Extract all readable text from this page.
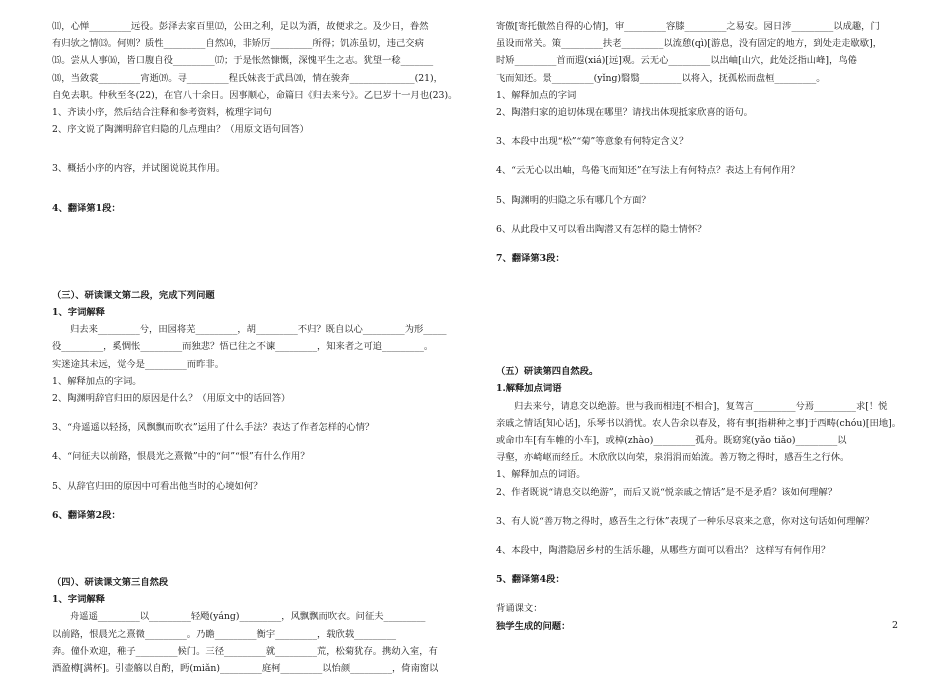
⑾，心惮_________远役。彭泽去家百里⑿，公田之利，足以为酒，故便求之。及少日，眷然
有归欤之情⒀。何则？质性_________自然⒁，非矫厉_________所得；饥冻虽切，违己交病
⒂。尝从人事⒃，皆口腹自役_________⒄；于是怅然慷慨，深愧平生之志。犹望一稔_______
⒅，当敛裳_________宵逝⒆。寻_________程氏妹丧于武昌⒇，情在骏奔______________(21)，
自免去职。仲秋至冬(22)，在官八十余日。因事顺心，命篇曰《归去来兮》。乙巳岁十一月也(23)。
1、齐读小序，然后结合注释和参考资料，梳理字词句
2、序文说了陶渊明辞官归隐的几点理由？（用原文语句回答）
3、概括小序的内容，并试图说说其作用。
4、翻译第1段：
（三）、研读课文第二段，完成下列问题
1、字词解释
归去来_________兮，田园将芜_________，胡_________不归？既自以心_________为形_____
役_________，奚惆怅_________而独悲？悟已往之不谏_________，知来者之可追_________。
实迷途其未远，觉今是_________而昨非。
1、解释加点的字词。
2、陶渊明辞官归田的原因是什么？（用原文中的话回答）
3、“舟遥遥以轻扬，风飘飘而吹衣”运用了什么手法？表达了作者怎样的心情？
4、“问征夫以前路，恨晨光之熹微”中的“问”“恨”有什么作用？
5、从辞官归田的原因中可看出他当时的心境如何？
6、翻译第2段：
（四）、研读课文第三自然段
1、字词解释
舟遥遥_________以_________轻飏(yáng)_________，风飘飘而吹衣。问征夫_________
以前路，恨晨光之熹微_________。乃瞻_________衡宇_________，载欣载_________
奔。僮仆欢迎，稚子_________候门。三径_________就_________荒，松菊犹存。携幼入室，有
酒盈樽[满杯]。引壶觞以自酌，眄(miǎn)_________庭柯_________以怡颜_________，倚南窗以
寄傲[寄托傲然自得的心情]，审_________容膝_________之易安。园日涉_________以成趣，门
虽设而常关。策_________扶老_________以流憩(qì)[游息，没有固定的地方，到处走走歇歇]，
时矫_________首而遐(xiá)[远]观。云无心_________以出岫[山穴，此处泛指山峰]，鸟倦
飞而知还。景_________(yǐng)翳翳_________以将入，抚孤松而盘桓_________。
1、解释加点的字词
2、陶潜归家的追切体现在哪里？请找出体现抵家欣喜的语句。
3、本段中出现“松”“菊”等意象有何特定含义？
4、“云无心以出岫，鸟倦飞而知还”在写法上有何特点？表达上有何作用？
5、陶渊明的归隐之乐有哪几个方面？
6、从此段中又可以看出陶潜又有怎样的隐士情怀？
7、翻译第3段：
（五）研读第四自然段。
1.解释加点词语
归去来兮，请息交以绝游。世与我而相违[不相合]，复驾言_________兮焉_________求[！悦
亲戚之情话[知心话]，乐琴书以消忧。农人告余以春及，将有事[指耕种之事]于西畴(chóu)[田地]。
或命巾车[有车帷的小车]，或棹(zhào)_________孤舟。既窈窕(yǎo tiǎo)_________以
寻壑，亦崎岖而经丘。木欣欣以向荣，泉涓涓而始流。善万物之得时，感吾生之行休。
1、解释加点的词语。
2、作者既说“请息交以绝游”，而后又说“悦亲戚之情话”是不是矛盾？该如何理解？
3、有人说“善万物之得时，感吾生之行休”表现了一种乐尽哀来之意，你对这句话如何理解？
4、本段中，陶潜隐居乡村的生活乐趣，从哪些方面可以看出？ 这样写有何作用？
5、翻译第4段：
背诵课文：
独学生成的问题：	2
